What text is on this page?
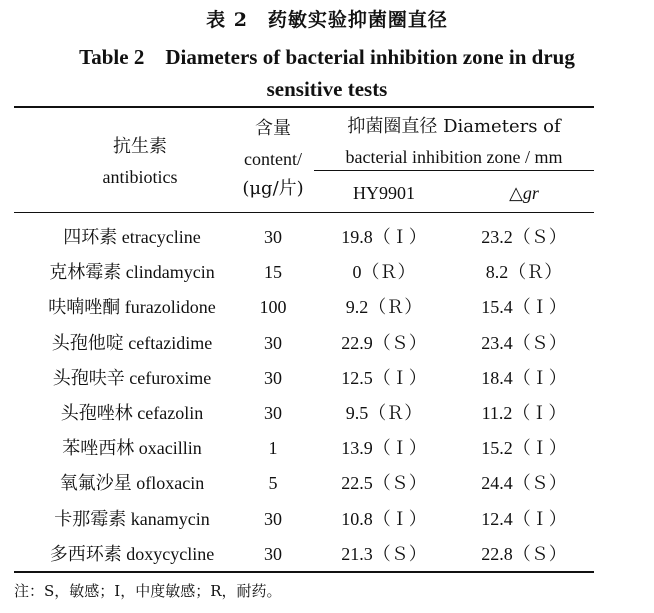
表 2　药敏实验抑菌圈直径
Table 2　Diameters of bacterial inhibition zone in drug
sensitive tests
抗生素
antibiotics
含量
content/
(μg/片)
抑菌圈直径 Diameters of
bacterial inhibition zone / mm
HY9901	△gr
四环素 etracycline	30	19.8（Ｉ）	23.2（Ｓ）
克林霉素 clindamycin	15	0（Ｒ）	8.2（Ｒ）
呋喃唑酮 furazolidone	100	9.2（Ｒ）	15.4（Ｉ）
头孢他啶 ceftazidime	30	22.9（Ｓ）	23.4（Ｓ）
头孢呋辛 cefuroxime	30	12.5（Ｉ）	18.4（Ｉ）
头孢唑林 cefazolin	30	9.5（Ｒ）	11.2（Ｉ）
苯唑西林 oxacillin	1	13.9（Ｉ）	15.2（Ｉ）
氧氟沙星 ofloxacin	5	22.5（Ｓ）	24.4（Ｓ）
卡那霉素 kanamycin	30	10.8（Ｉ）	12.4（Ｉ）
多西环素 doxycycline	30	21.3（Ｓ）	22.8（Ｓ）
注：S，敏感；I，中度敏感；R，耐药。
